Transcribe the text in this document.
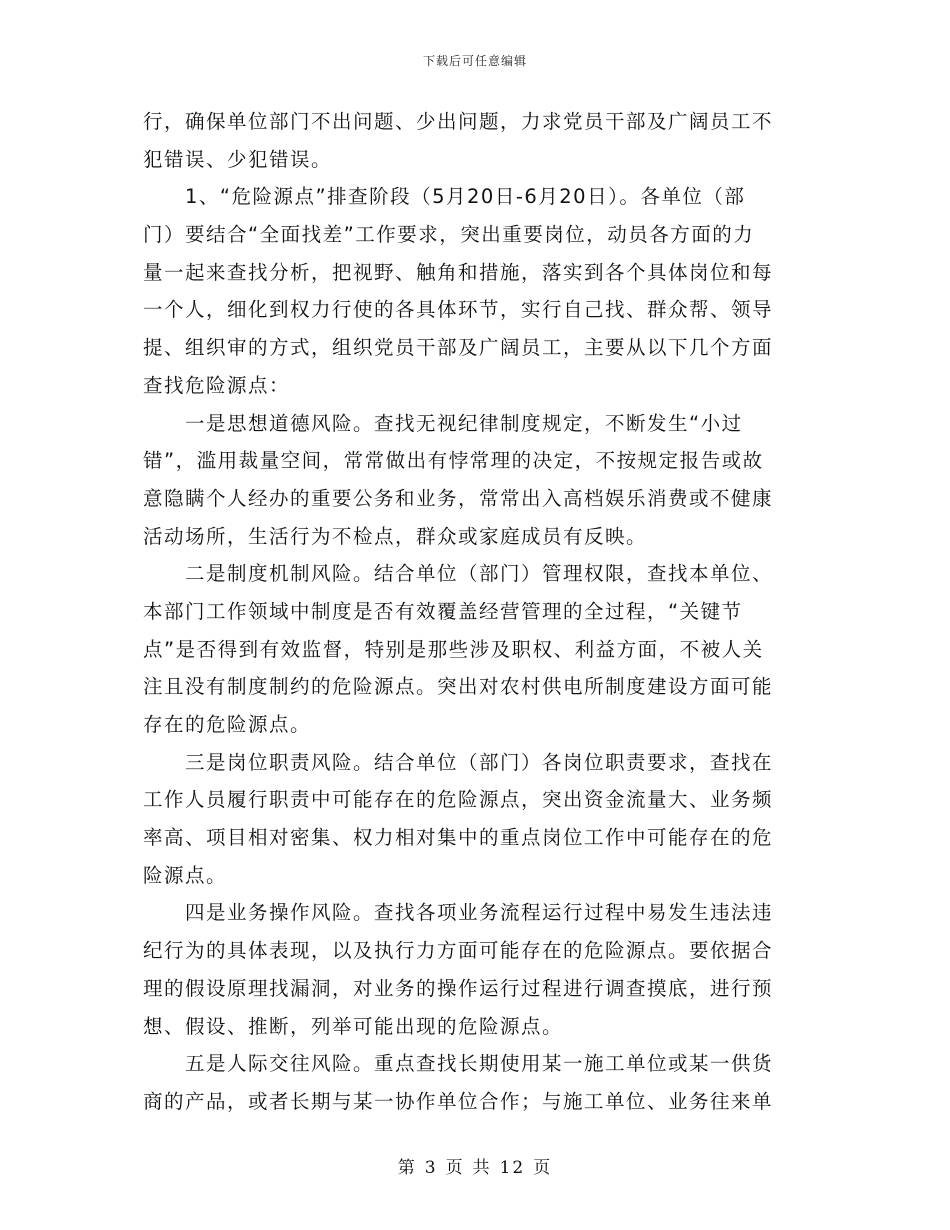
下载后可任意编辑
行，确保单位部门不出问题、少出问题，力求党员干部及广阔员工不
犯错误、少犯错误。
　　1、“危险源点”排查阶段（5月20日-6月20日）。各单位（部
门）要结合“全面找差”工作要求，突出重要岗位，动员各方面的力
量一起来查找分析，把视野、触角和措施，落实到各个具体岗位和每
一个人，细化到权力行使的各具体环节，实行自己找、群众帮、领导
提、组织审的方式，组织党员干部及广阔员工，主要从以下几个方面
查找危险源点：
　　一是思想道德风险。查找无视纪律制度规定，不断发生“小过
错”，滥用裁量空间，常常做出有悖常理的决定，不按规定报告或故
意隐瞒个人经办的重要公务和业务，常常出入高档娱乐消费或不健康
活动场所，生活行为不检点，群众或家庭成员有反映。
　　二是制度机制风险。结合单位（部门）管理权限，查找本单位、
本部门工作领域中制度是否有效覆盖经营管理的全过程，“关键节
点”是否得到有效监督，特别是那些涉及职权、利益方面，不被人关
注且没有制度制约的危险源点。突出对农村供电所制度建设方面可能
存在的危险源点。
　　三是岗位职责风险。结合单位（部门）各岗位职责要求，查找在
工作人员履行职责中可能存在的危险源点，突出资金流量大、业务频
率高、项目相对密集、权力相对集中的重点岗位工作中可能存在的危
险源点。
　　四是业务操作风险。查找各项业务流程运行过程中易发生违法违
纪行为的具体表现，以及执行力方面可能存在的危险源点。要依据合
理的假设原理找漏洞，对业务的操作运行过程进行调查摸底，进行预
想、假设、推断，列举可能出现的危险源点。
　　五是人际交往风险。重点查找长期使用某一施工单位或某一供货
商的产品，或者长期与某一协作单位合作；与施工单位、业务往来单
第 3 页 共 12 页
